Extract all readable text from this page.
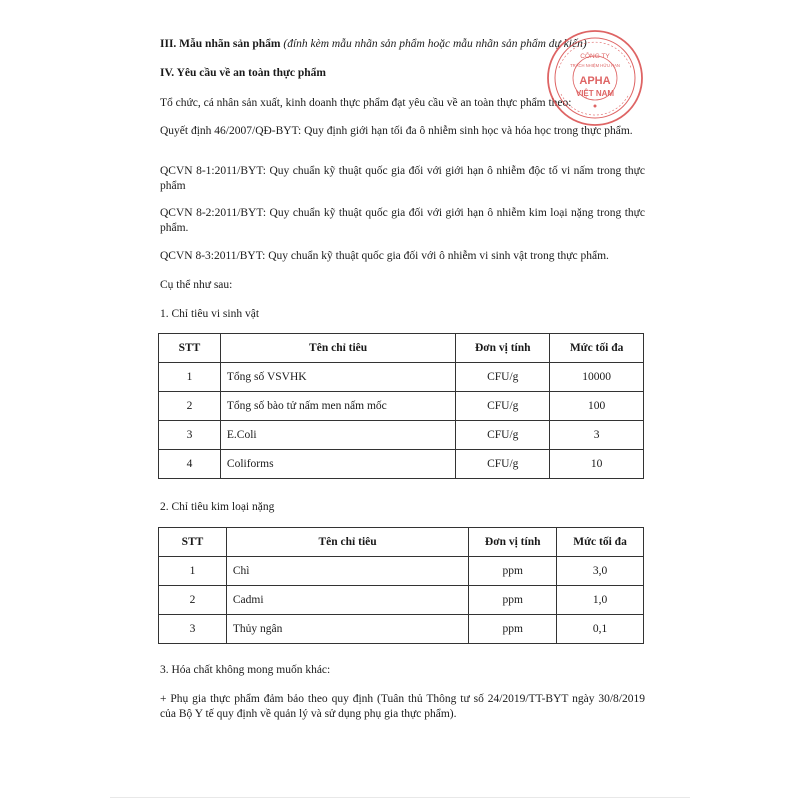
III. Mẫu nhãn sản phẩm (đính kèm mẫu nhãn sản phẩm hoặc mẫu nhãn sản phẩm dự kiến)
IV. Yêu cầu về an toàn thực phẩm
Tổ chức, cá nhân sản xuất, kinh doanh thực phẩm đạt yêu cầu về an toàn thực phẩm theo:
Quyết định 46/2007/QĐ-BYT: Quy định giới hạn tối đa ô nhiễm sinh học và hóa học trong thực phẩm.
QCVN 8-1:2011/BYT: Quy chuẩn kỹ thuật quốc gia đối với giới hạn ô nhiễm độc tố vi nấm trong thực phẩm
QCVN 8-2:2011/BYT: Quy chuẩn kỹ thuật quốc gia đối với giới hạn ô nhiễm kim loại nặng trong thực phẩm.
QCVN 8-3:2011/BYT: Quy chuẩn kỹ thuật quốc gia đối với ô nhiễm vi sinh vật trong thực phẩm.
Cụ thể như sau:
1. Chỉ tiêu vi sinh vật
STT	Tên chỉ tiêu	Đơn vị tính	Mức tối đa
1	Tổng số VSVHK	CFU/g	10000
2	Tổng số bào tử nấm men nấm mốc	CFU/g	100
3	E.Coli	CFU/g	3
4	Coliforms	CFU/g	10
2. Chỉ tiêu kim loại nặng
STT	Tên chỉ tiêu	Đơn vị tính	Mức tối đa
1	Chì	ppm	3,0
2	Cadmi	ppm	1,0
3	Thủy ngân	ppm	0,1
3. Hóa chất không mong muốn khác:
+ Phụ gia thực phẩm đảm bảo theo quy định (Tuân thủ Thông tư số 24/2019/TT-BYT ngày 30/8/2019 của Bộ Y tế quy định về quản lý và sử dụng phụ gia thực phẩm).
CÔNG TY
TRÁCH NHIỆM HỮU HẠN
APHA
VIỆT NAM
